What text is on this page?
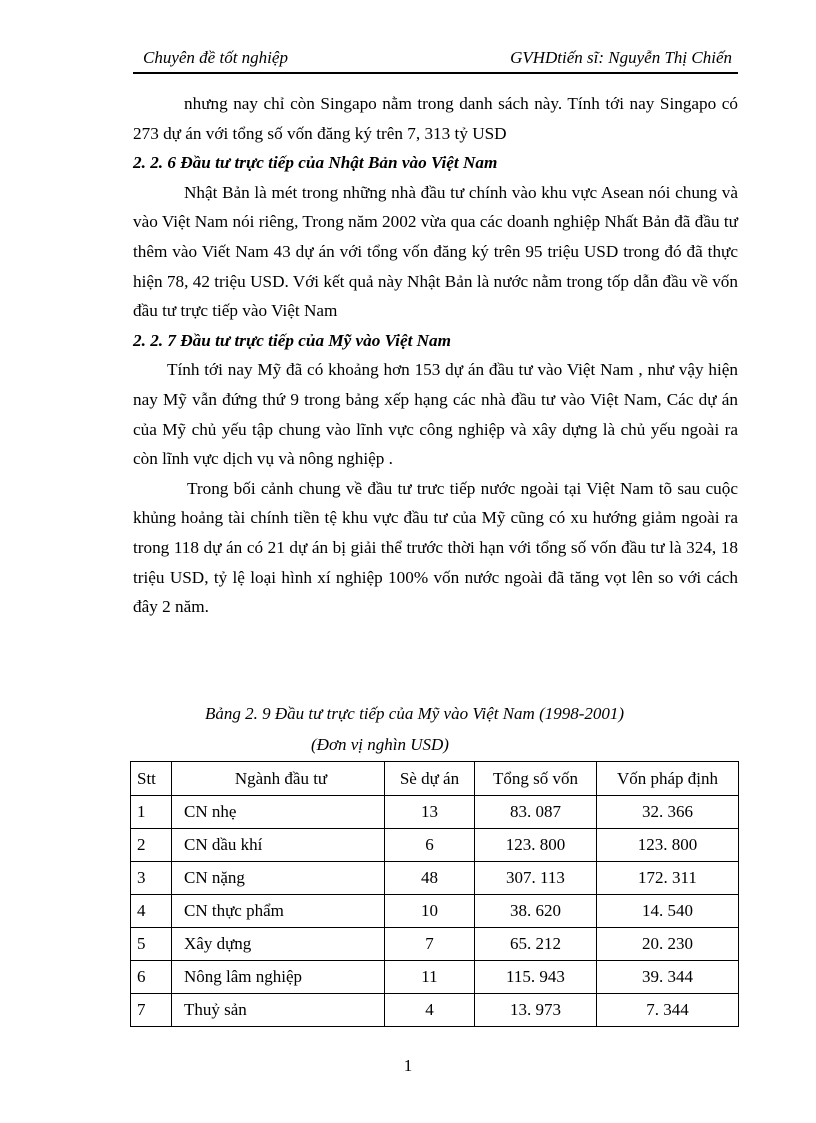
Chuyên đề tốt nghiệp	GVHDtiến sĩ: Nguyễn Thị Chiến

nhưng nay chỉ còn Singapo nằm trong danh sách này. Tính tới nay Singapo có 273 dự án với tổng số vốn đăng ký trên 7, 313 tỷ USD

2. 2. 6 Đầu tư trực tiếp của Nhật Bản vào Việt Nam

Nhật Bản là mét trong những nhà đầu tư chính vào khu vực Asean nói chung và vào Việt Nam nói riêng, Trong năm 2002 vừa qua các doanh nghiệp Nhất Bản đã đầu tư thêm vào Viết Nam 43 dự án với tổng vốn đăng ký trên 95 triệu USD trong đó đã thực hiện 78, 42 triệu USD. Với kết quả này Nhật Bản là nước nằm trong tốp dẫn đầu về vốn đầu tư trực tiếp vào Việt Nam

2. 2. 7 Đầu tư trực tiếp của Mỹ vào Việt Nam

Tính tới nay Mỹ đã có khoảng hơn 153 dự án đầu tư vào Việt Nam , như vậy hiện nay Mỹ vẫn đứng thứ 9 trong bảng xếp hạng các nhà đầu tư vào Việt Nam, Các dự án của Mỹ chủ yếu tập chung vào lĩnh vực công nghiệp và xây dựng là chủ yếu ngoài ra còn lĩnh vực dịch vụ và nông nghiệp .

Trong bối cảnh chung về đầu tư trưc tiếp nước ngoài tại Việt Nam tõ sau cuộc khủng hoảng tài chính tiền tệ khu vực đầu tư của Mỹ cũng có xu hướng giảm ngoài ra trong 118 dự án có 21 dự án bị giải thể trước thời hạn với tổng số vốn đầu tư là 324, 18 triệu USD, tỷ lệ loại hình xí nghiệp 100% vốn nước ngoài đã tăng vọt lên so với cách đây 2 năm.

Bảng 2. 9 Đầu tư trực tiếp của Mỹ vào Việt Nam (1998-2001)
(Đơn vị nghìn USD)
Stt	Ngành đầu tư	Sè dự án	Tổng số vốn	Vốn pháp định
1	CN nhẹ	13	83. 087	32. 366
2	CN dầu khí	6	123. 800	123. 800
3	CN nặng	48	307. 113	172. 311
4	CN thực phẩm	10	38. 620	14. 540
5	Xây dựng	7	65. 212	20. 230
6	Nông lâm nghiệp	11	115. 943	39. 344
7	Thuỷ sản	4	13. 973	7. 344
1
